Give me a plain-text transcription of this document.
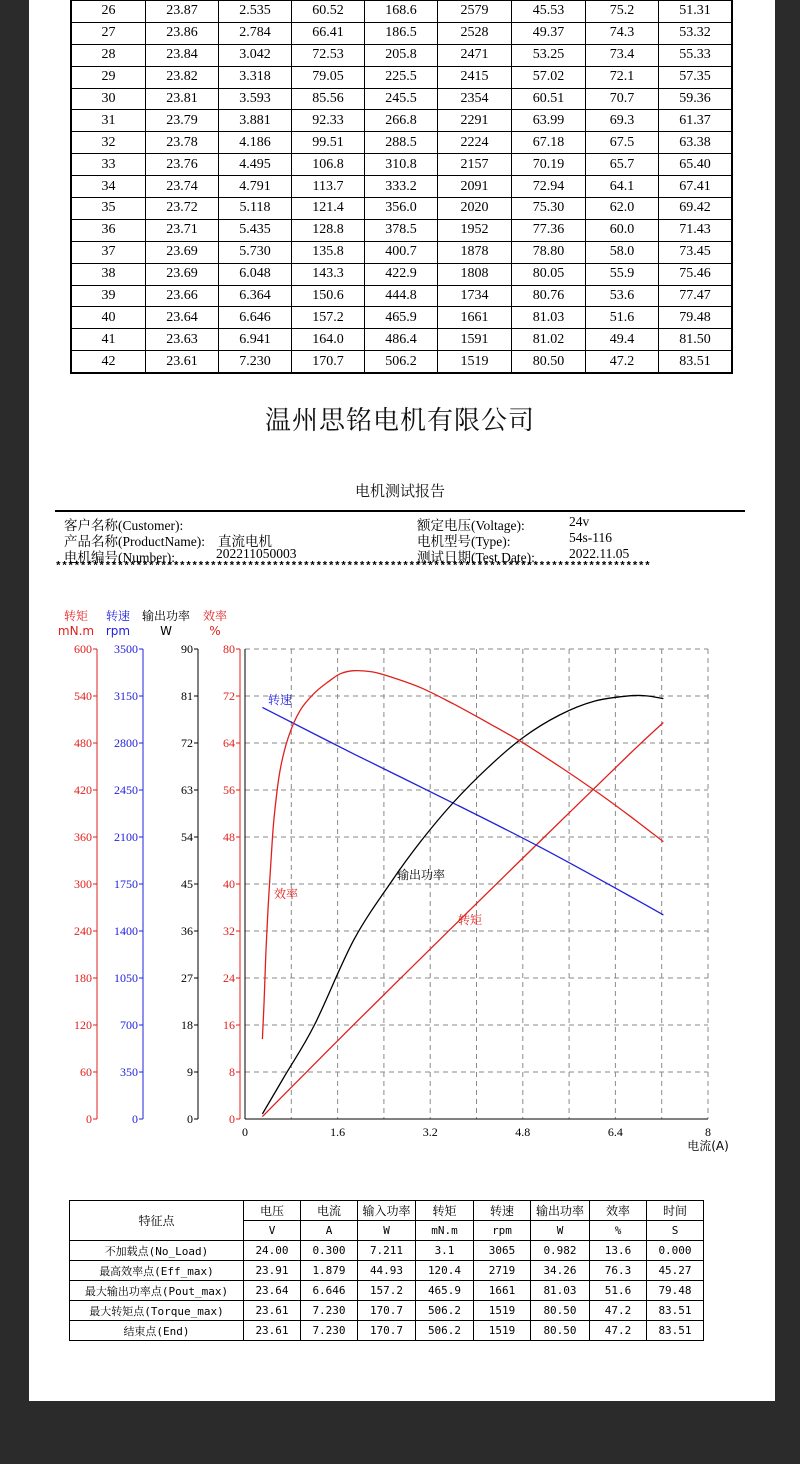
26	23.87	2.535	60.52	168.6	2579	45.53	75.2	51.31
27	23.86	2.784	66.41	186.5	2528	49.37	74.3	53.32
28	23.84	3.042	72.53	205.8	2471	53.25	73.4	55.33
29	23.82	3.318	79.05	225.5	2415	57.02	72.1	57.35
30	23.81	3.593	85.56	245.5	2354	60.51	70.7	59.36
31	23.79	3.881	92.33	266.8	2291	63.99	69.3	61.37
32	23.78	4.186	99.51	288.5	2224	67.18	67.5	63.38
33	23.76	4.495	106.8	310.8	2157	70.19	65.7	65.40
34	23.74	4.791	113.7	333.2	2091	72.94	64.1	67.41
35	23.72	5.118	121.4	356.0	2020	75.30	62.0	69.42
36	23.71	5.435	128.8	378.5	1952	77.36	60.0	71.43
37	23.69	5.730	135.8	400.7	1878	78.80	58.0	73.45
38	23.69	6.048	143.3	422.9	1808	80.05	55.9	75.46
39	23.66	6.364	150.6	444.8	1734	80.76	53.6	77.47
40	23.64	6.646	157.2	465.9	1661	81.03	51.6	79.48
41	23.63	6.941	164.0	486.4	1591	81.02	49.4	81.50
42	23.61	7.230	170.7	506.2	1519	80.50	47.2	83.51
温州思铭电机有限公司
电机测试报告
客户名称(Customer):
产品名称(ProductName): 直流电机
电机编号(Number):	202211050003
额定电压(Voltage):	24v
电机型号(Type):	54s-116
测试日期(Test Date):	2022.11.05
************************************************************************************************
0	1.6	3.2	4.8	6.4	8
电流(A)
600
540
480
420
360
300
240
180
120
60
0
转矩
mN.m
3500
3150
2800
2450
2100
1750
1400
1050
700
350
0
转速
rpm
90
81
72
63
54
45
36
27
18
9
0
输出功率
W
80
72
64
56
48
40
32
24
16
8
0
效率
%
转速
效率
输出功率
转矩
特征点	电压	电流	输入功率	转矩	转速	输出功率	效率	时间
	V	A	W	mN.m	rpm	W	%	S
不加载点(No_Load)	24.00	0.300	7.211	3.1	3065	0.982	13.6	0.000
最高效率点(Eff_max)	23.91	1.879	44.93	120.4	2719	34.26	76.3	45.27
最大输出功率点(Pout_max)	23.64	6.646	157.2	465.9	1661	81.03	51.6	79.48
最大转矩点(Torque_max)	23.61	7.230	170.7	506.2	1519	80.50	47.2	83.51
结束点(End)	23.61	7.230	170.7	506.2	1519	80.50	47.2	83.51
